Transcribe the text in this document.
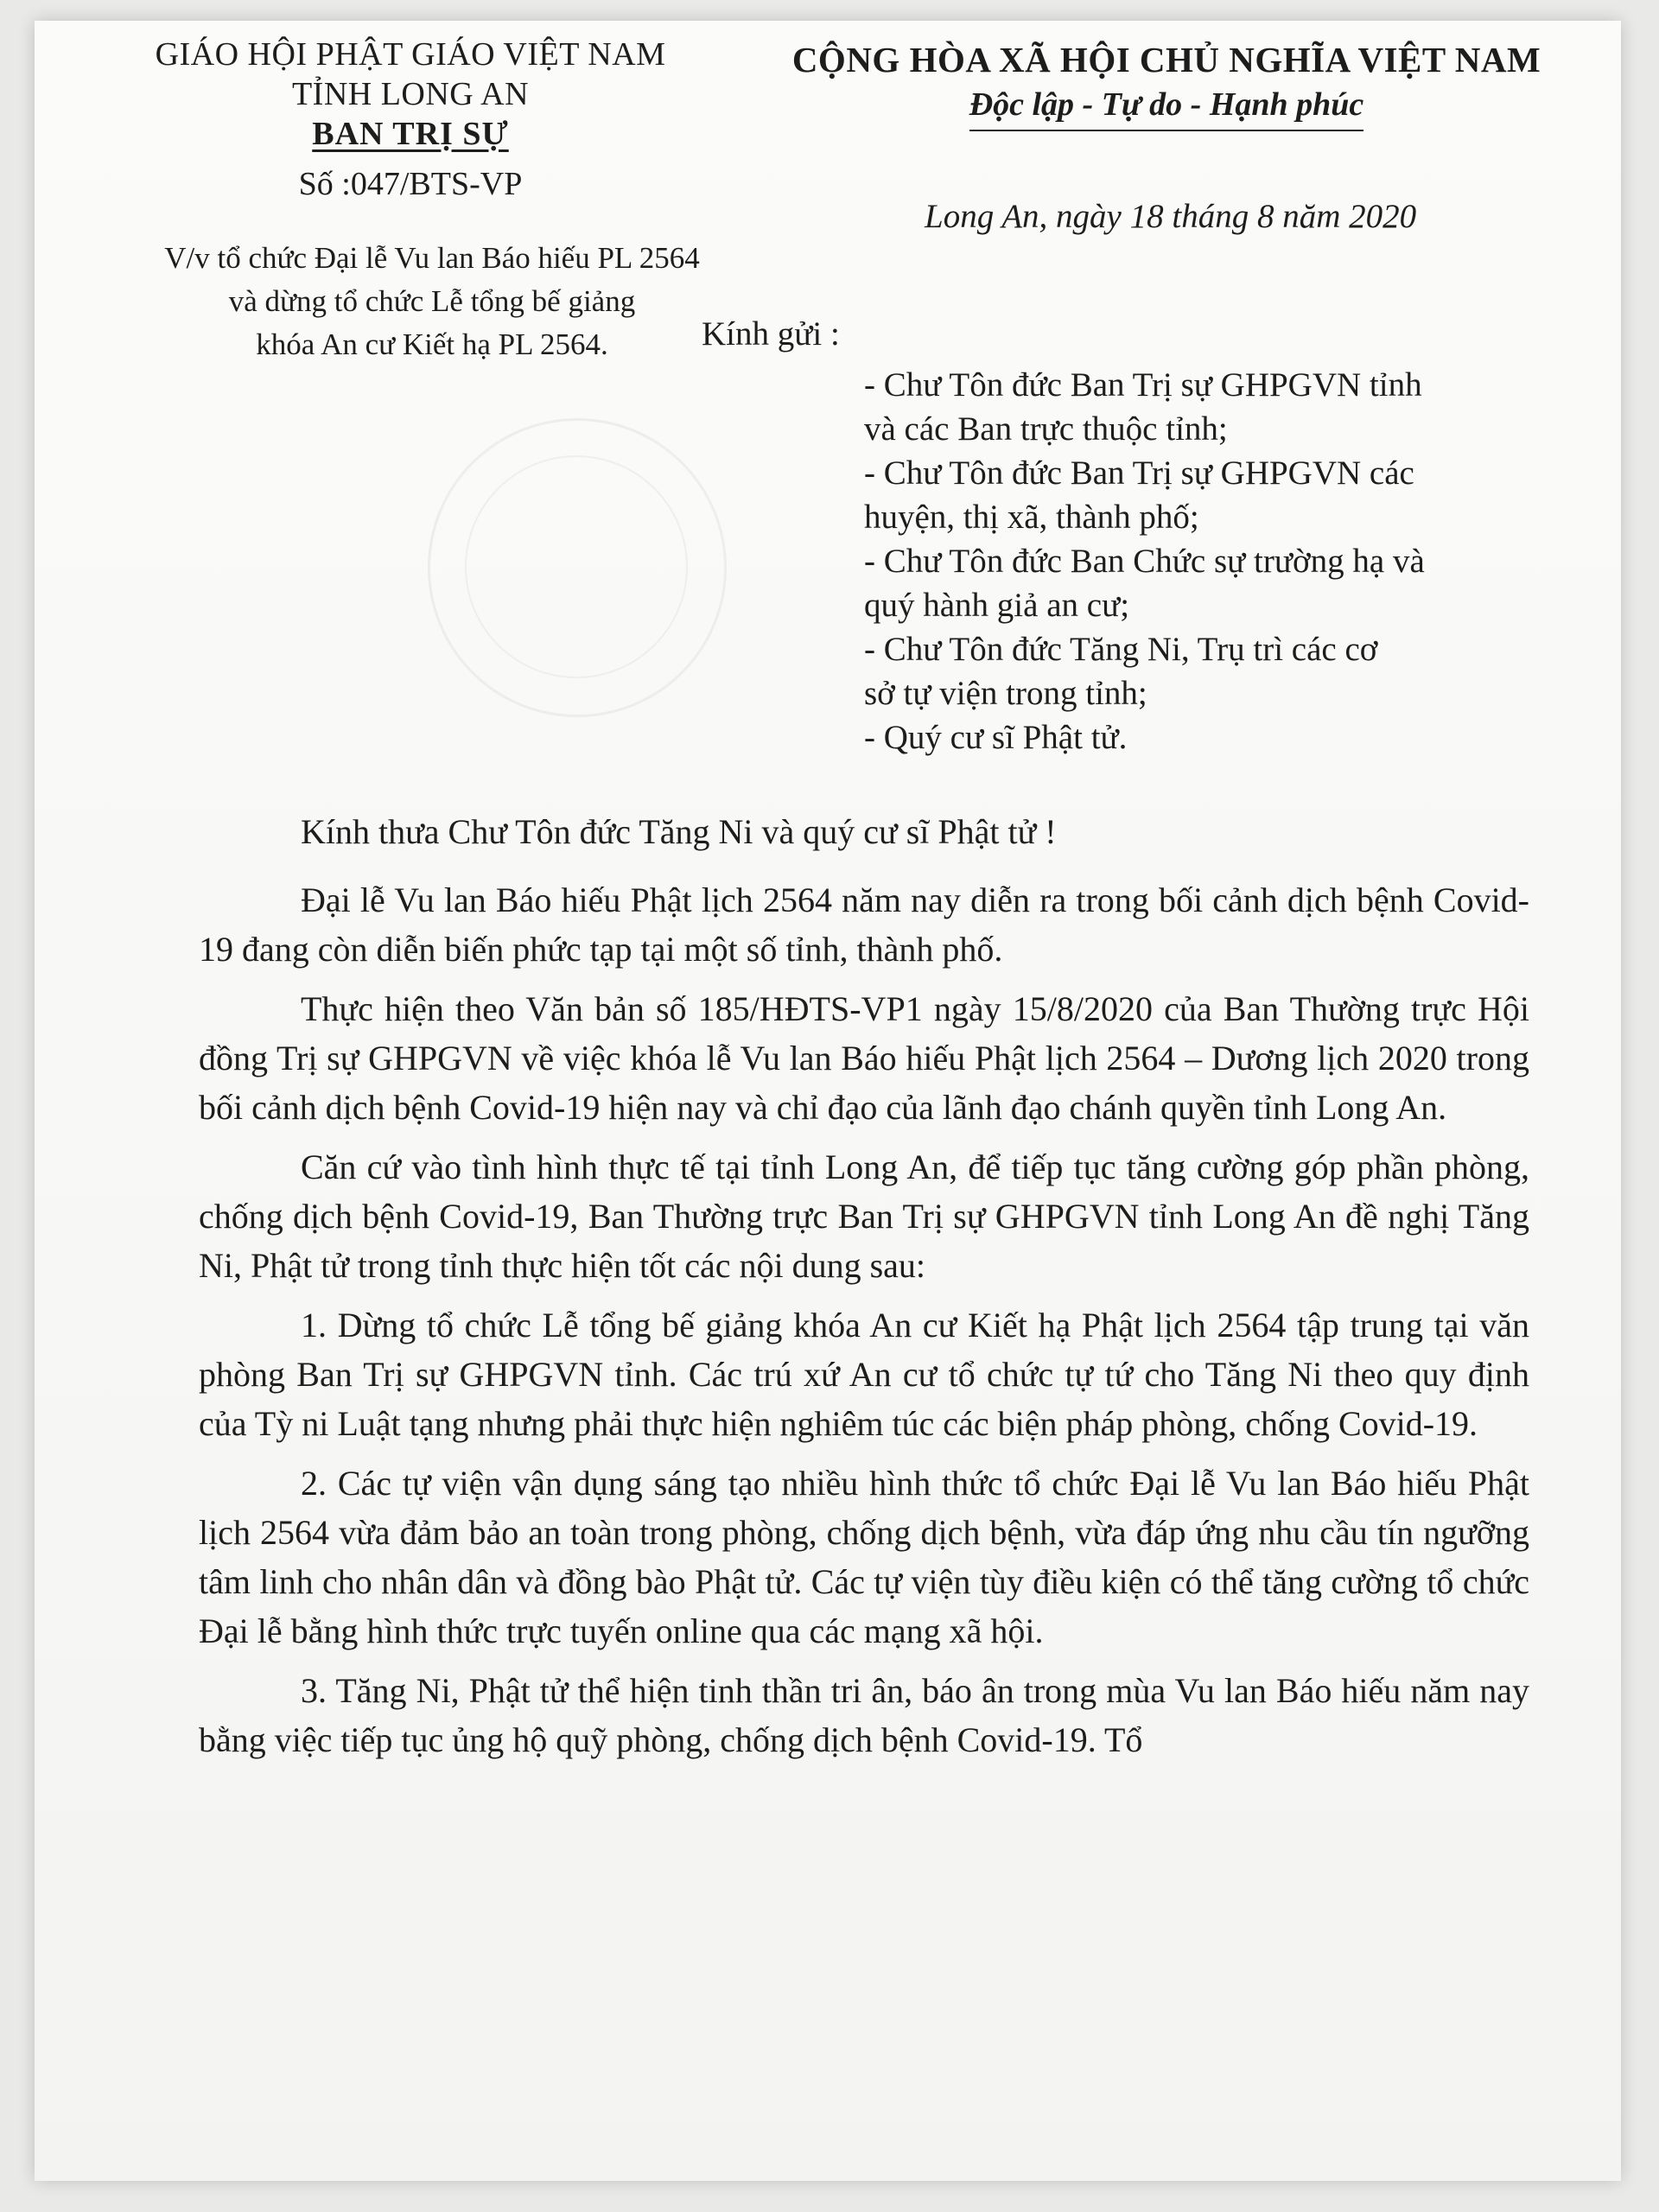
GIÁO HỘI PHẬT GIÁO VIỆT NAM
TỈNH LONG AN
BAN TRỊ SỰ
Số :047/BTS-VP
V/v tổ chức Đại lễ Vu lan Báo hiếu PL 2564
và dừng tổ chức Lễ tổng bế giảng
khóa An cư Kiết hạ PL 2564.
CỘNG HÒA XÃ HỘI CHỦ NGHĨA VIỆT NAM
Độc lập - Tự do - Hạnh phúc
Long An, ngày 18 tháng 8 năm 2020
Kính gửi :
- Chư Tôn đức Ban Trị sự GHPGVN tỉnh
và các Ban trực thuộc tỉnh;
- Chư Tôn đức Ban Trị sự GHPGVN các
huyện, thị xã, thành phố;
- Chư Tôn đức Ban Chức sự trường hạ và
quý hành giả an cư;
- Chư Tôn đức Tăng Ni, Trụ trì các cơ
sở tự viện trong tỉnh;
- Quý cư sĩ Phật tử.

Kính thưa Chư Tôn đức Tăng Ni và quý cư sĩ Phật tử !

Đại lễ Vu lan Báo hiếu Phật lịch 2564 năm nay diễn ra trong bối cảnh dịch bệnh Covid-19 đang còn diễn biến phức tạp tại một số tỉnh, thành phố.

Thực hiện theo Văn bản số 185/HĐTS-VP1 ngày 15/8/2020 của Ban Thường trực Hội đồng Trị sự GHPGVN về việc khóa lễ Vu lan Báo hiếu Phật lịch 2564 – Dương lịch 2020 trong bối cảnh dịch bệnh Covid-19 hiện nay và chỉ đạo của lãnh đạo chánh quyền tỉnh Long An.

Căn cứ vào tình hình thực tế tại tỉnh Long An, để tiếp tục tăng cường góp phần phòng, chống dịch bệnh Covid-19, Ban Thường trực Ban Trị sự GHPGVN tỉnh Long An đề nghị Tăng Ni, Phật tử trong tỉnh thực hiện tốt các nội dung sau:

1. Dừng tổ chức Lễ tổng bế giảng khóa An cư Kiết hạ Phật lịch 2564 tập trung tại văn phòng Ban Trị sự GHPGVN tỉnh. Các trú xứ An cư tổ chức tự tứ cho Tăng Ni theo quy định của Tỳ ni Luật tạng nhưng phải thực hiện nghiêm túc các biện pháp phòng, chống Covid-19.

2. Các tự viện vận dụng sáng tạo nhiều hình thức tổ chức Đại lễ Vu lan Báo hiếu Phật lịch 2564 vừa đảm bảo an toàn trong phòng, chống dịch bệnh, vừa đáp ứng nhu cầu tín ngưỡng tâm linh cho nhân dân và đồng bào Phật tử. Các tự viện tùy điều kiện có thể tăng cường tổ chức Đại lễ bằng hình thức trực tuyến online qua các mạng xã hội.

3. Tăng Ni, Phật tử thể hiện tinh thần tri ân, báo ân trong mùa Vu lan Báo hiếu năm nay bằng việc tiếp tục ủng hộ quỹ phòng, chống dịch bệnh Covid-19. Tổ
